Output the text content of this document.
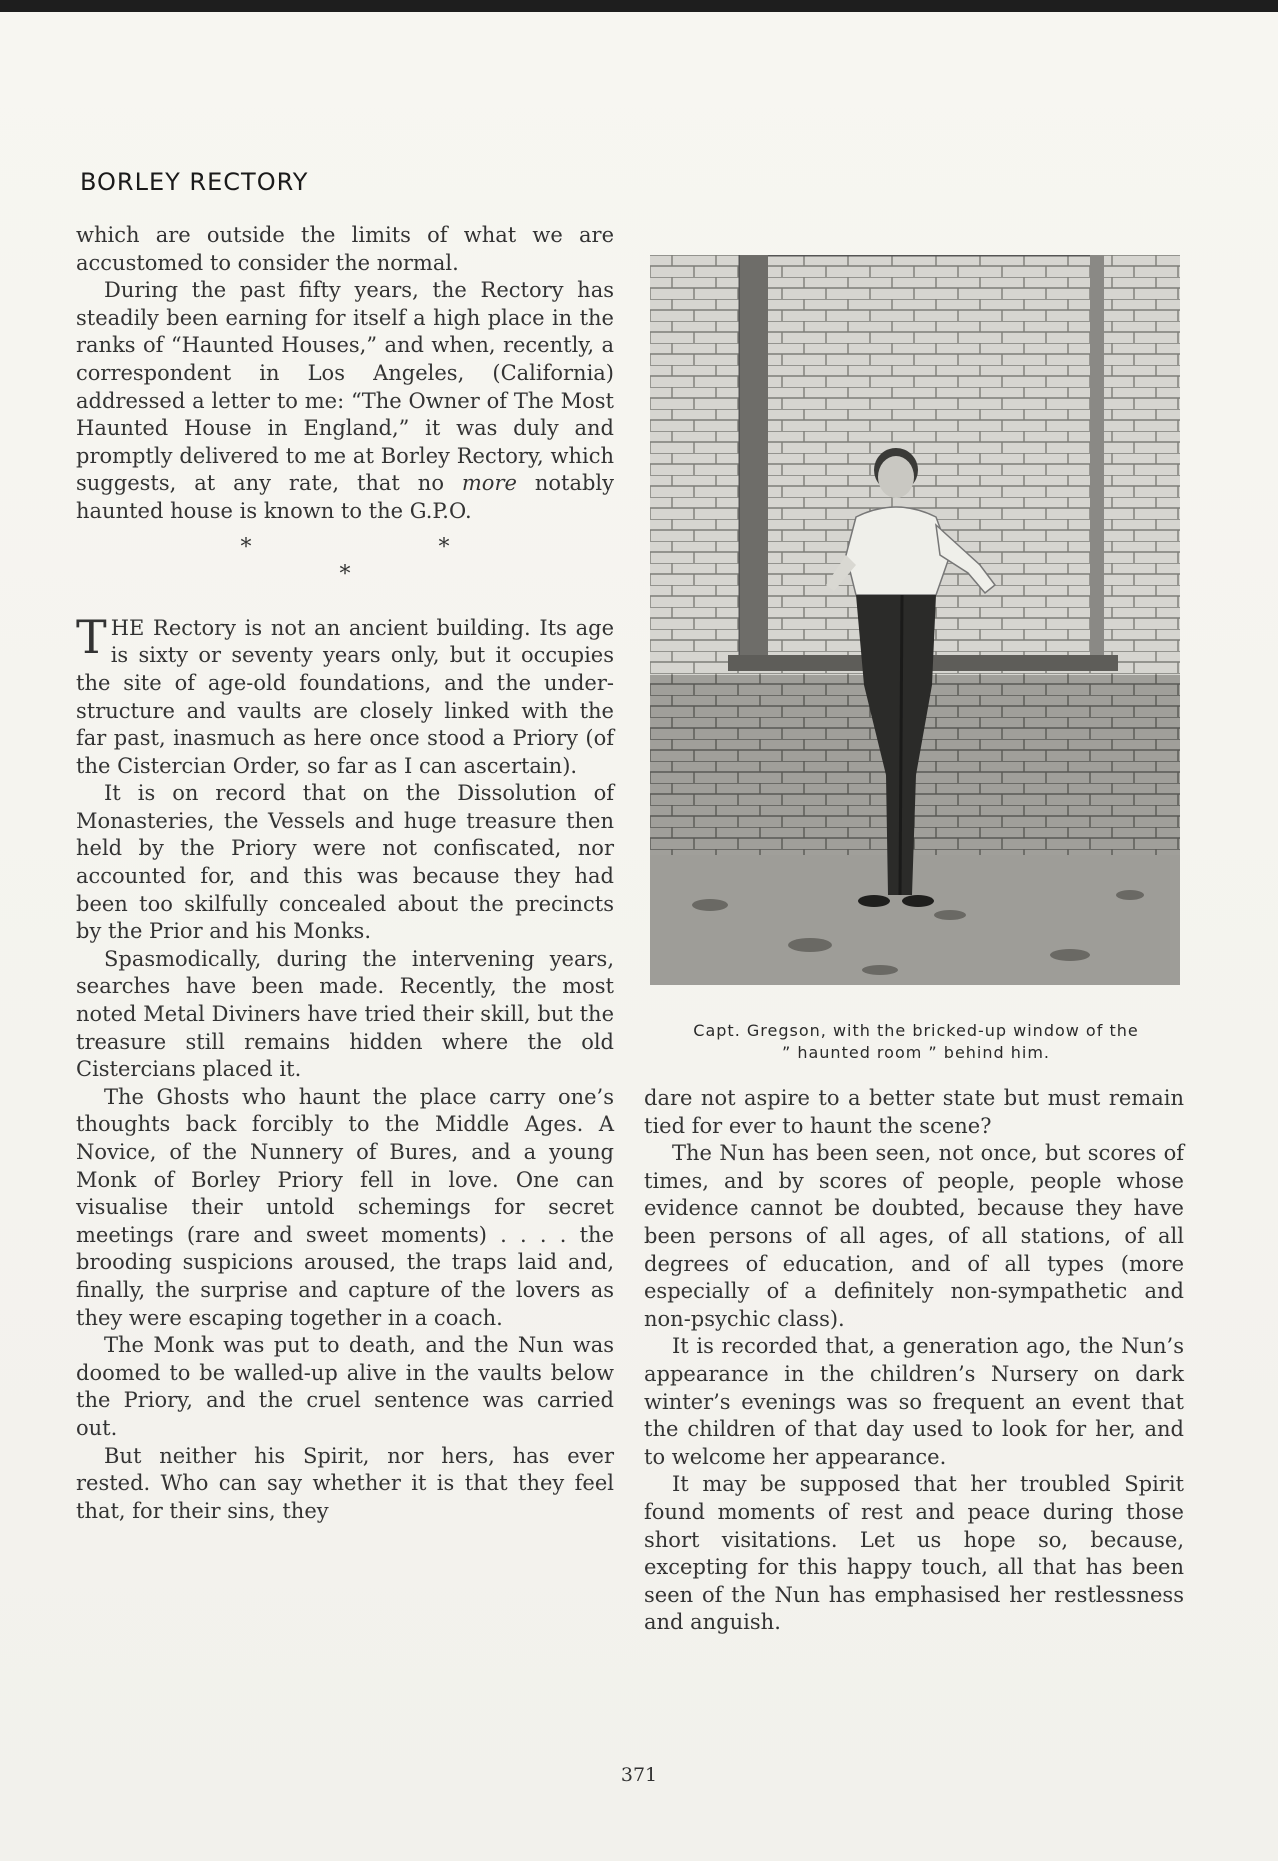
BORLEY RECTORY

which are outside the limits of what we are accustomed to consider the normal.

During the past fifty years, the Rectory has steadily been earning for itself a high place in the ranks of “Haunted Houses,” and when, recently, a correspondent in Los Angeles, (California) addressed a letter to me: “The Owner of The Most Haunted House in England,” it was duly and promptly delivered to me at Borley Rectory, which suggests, at any rate, that no more notably haunted house is known to the G.P.O.

* * *

THE Rectory is not an ancient building. Its age is sixty or seventy years only, but it occupies the site of age-old foundations, and the under-structure and vaults are closely linked with the far past, inasmuch as here once stood a Priory (of the Cistercian Order, so far as I can ascertain).

It is on record that on the Dissolution of Monasteries, the Vessels and huge treasure then held by the Priory were not confiscated, nor accounted for, and this was because they had been too skilfully concealed about the precincts by the Prior and his Monks.

Spasmodically, during the intervening years, searches have been made. Recently, the most noted Metal Diviners have tried their skill, but the treasure still remains hidden where the old Cistercians placed it.

The Ghosts who haunt the place carry one’s thoughts back forcibly to the Middle Ages. A Novice, of the Nunnery of Bures, and a young Monk of Borley Priory fell in love. One can visualise their untold schemings for secret meetings (rare and sweet moments) . . . . the brooding suspicions aroused, the traps laid and, finally, the surprise and capture of the lovers as they were escaping together in a coach.

The Monk was put to death, and the Nun was doomed to be walled-up alive in the vaults below the Priory, and the cruel sentence was carried out.

But neither his Spirit, nor hers, has ever rested. Who can say whether it is that they feel that, for their sins, they

Capt. Gregson, with the bricked-up window of the
” haunted room ” behind him.

dare not aspire to a better state but must remain tied for ever to haunt the scene?

The Nun has been seen, not once, but scores of times, and by scores of people, people whose evidence cannot be doubted, because they have been persons of all ages, of all stations, of all degrees of education, and of all types (more especially of a definitely non-sympathetic and non-psychic class).

It is recorded that, a generation ago, the Nun’s appearance in the children’s Nursery on dark winter’s evenings was so frequent an event that the children of that day used to look for her, and to welcome her appearance.

It may be supposed that her troubled Spirit found moments of rest and peace during those short visitations. Let us hope so, because, excepting for this happy touch, all that has been seen of the Nun has emphasised her restlessness and anguish.

371
